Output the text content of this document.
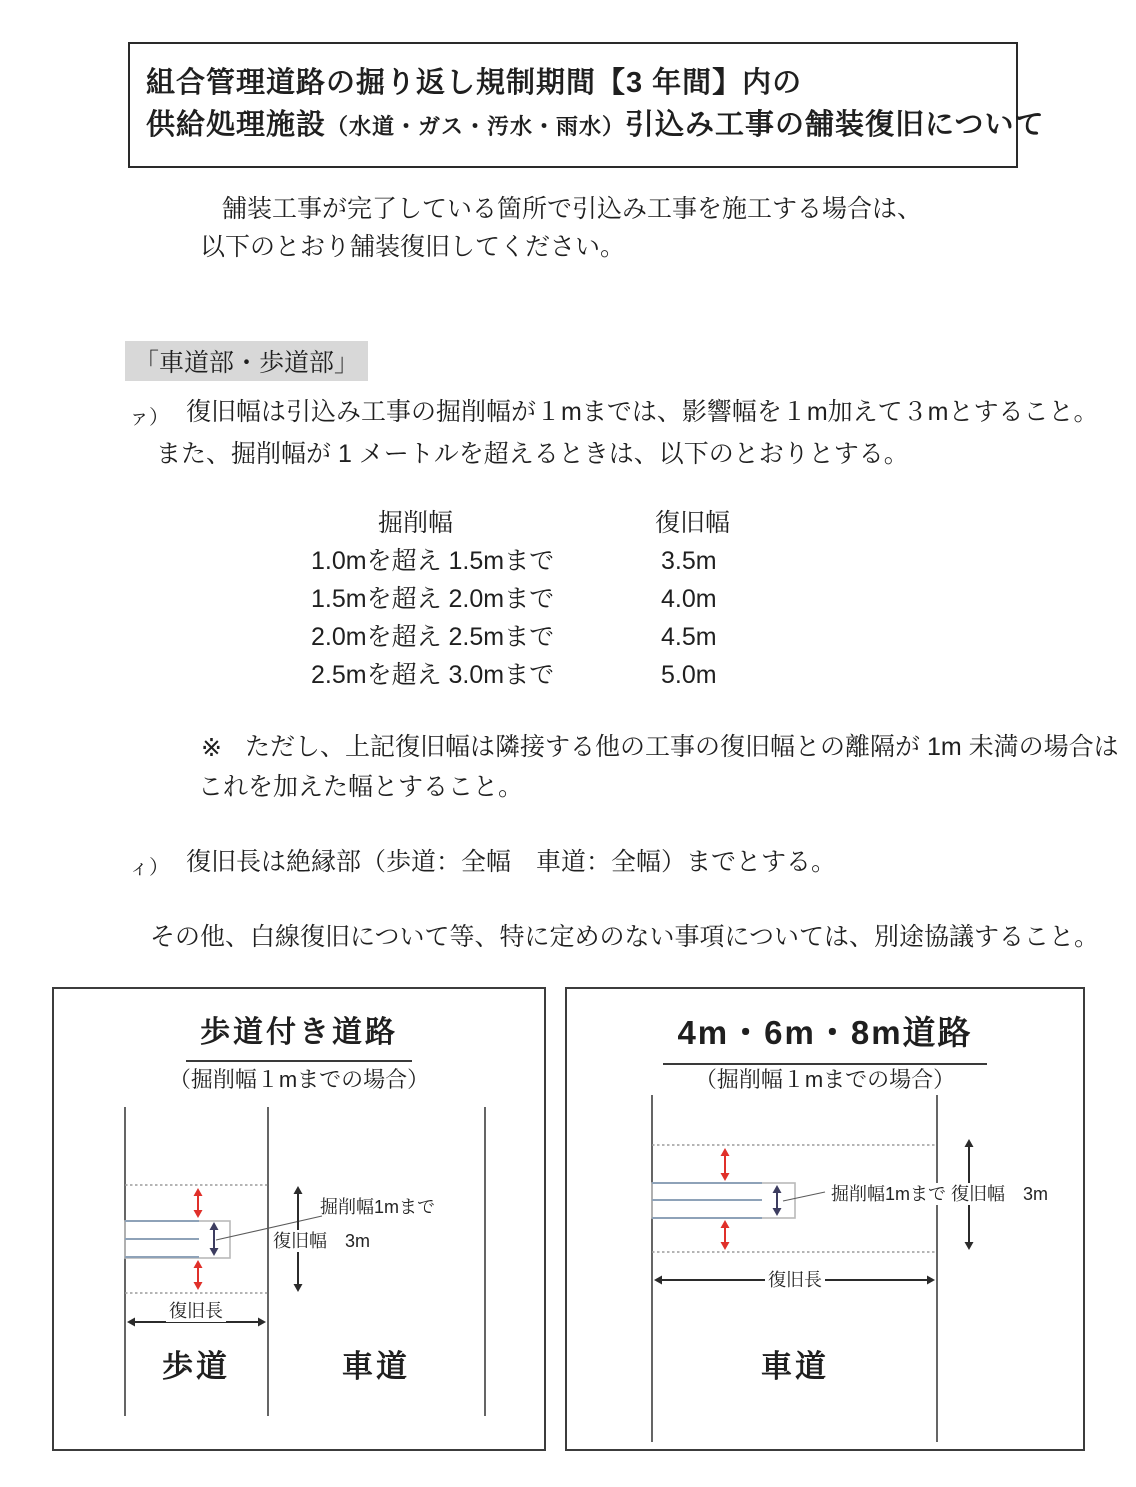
組合管理道路の掘り返し規制期間【3 年間】内の
供給処理施設（水道・ガス・汚水・雨水）引込み工事の舗装復旧について
舗装工事が完了している箇所で引込み工事を施工する場合は、
以下のとおり舗装復旧してください。
「車道部・歩道部」
ァ） 復旧幅は引込み工事の掘削幅が１mまでは、影響幅を１m加えて３mとすること。
また、掘削幅が 1 メートルを超えるときは、以下のとおりとする。
掘削幅	復旧幅
1.0mを超え 1.5mまで	3.5m
1.5mを超え 2.0mまで	4.0m
2.0mを超え 2.5mまで	4.5m
2.5mを超え 3.0mまで	5.0m
※ ただし、上記復旧幅は隣接する他の工事の復旧幅との離隔が 1m 未満の場合は
これを加えた幅とすること。
ィ） 復旧長は絶縁部（歩道：全幅　車道：全幅）までとする。
その他、白線復旧について等、特に定めのない事項については、別途協議すること。
歩道付き道路
（掘削幅１mまでの場合）
掘削幅1mまで
復旧幅　3m
復旧長
歩道	車道
4m・6m・8m道路
（掘削幅１mまでの場合）
掘削幅1mまで 復旧幅　3m
復旧長
車道
